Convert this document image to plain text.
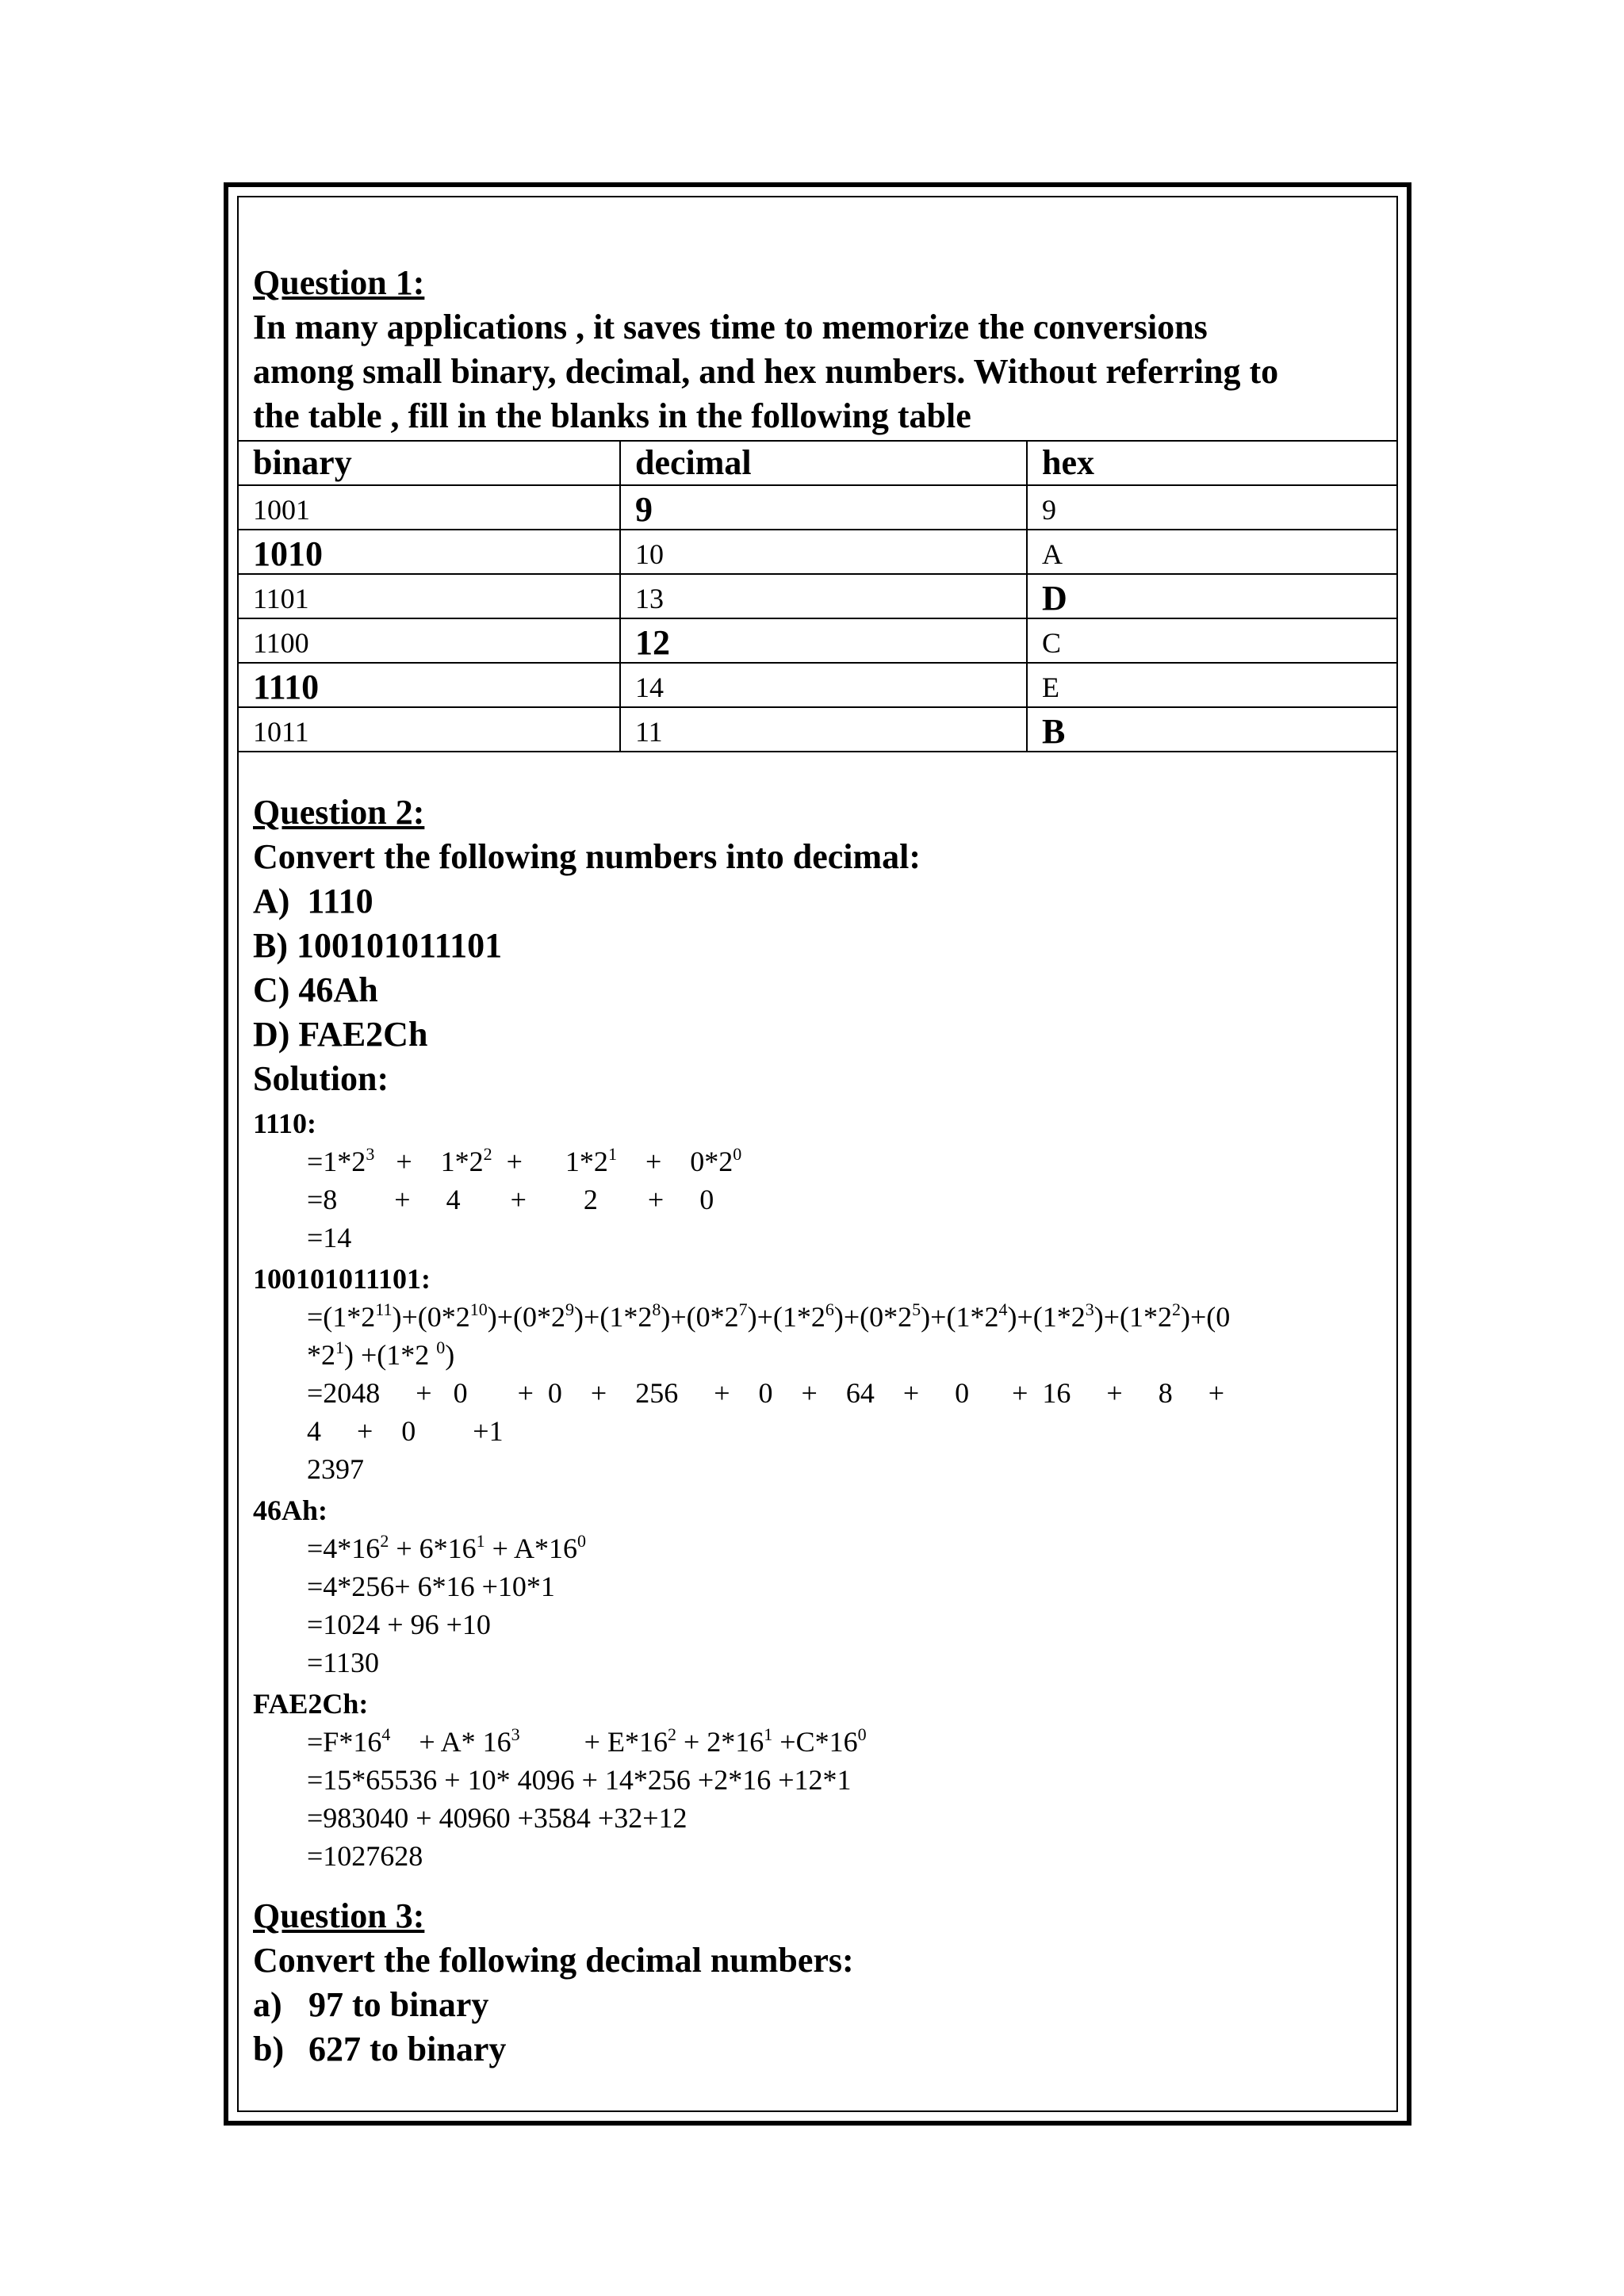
Question 1:
In many applications , it saves time to memorize the conversions
among small binary, decimal, and hex numbers. Without referring to
the table , fill in the blanks in the following table
binary	decimal	hex
1001	9	9
1010	10	A
1101	13	D
1100	12	C
1110	14	E
1011	11	B
Question 2:
Convert the following numbers into decimal:
A)  1110
B) 100101011101
C) 46Ah
D) FAE2Ch
Solution:
1110:
$=1*2^3$   +    $1*2^2$  +      $1*2^1$    +    $0*2^0$
=8        +     4       +        2       +     0
=14
100101011101:
$=(1*2^{11})+(0*2^{10})+(0*2^9)+(1*2^8)+(0*2^7)+(1*2^6)+(0*2^5)+(1*2^4)+(1*2^3)+(1*2^2)+(0$
$*2^1) +(1*2$ $^0$)
=2048     +   0       +  0    +    256     +    0    +    64    +     0      +  16     +     8     +
4     +    0        +1
2397
46Ah:
$=4*16^2 + 6*16^1 + A*16^0$
=4*256+ 6*16 +10*1
=1024 + 96 +10
=1130
FAE2Ch:
$=F*16^4$    + A* $16^3$         + $E*16^2 + 2*16^1 +C*16^0$
=15*65536 + 10* 4096 + 14*256 +2*16 +12*1
=983040 + 40960 +3584 +32+12
=1027628
Question 3:
Convert the following decimal numbers:
a) 97 to binary
b) 627 to binary
